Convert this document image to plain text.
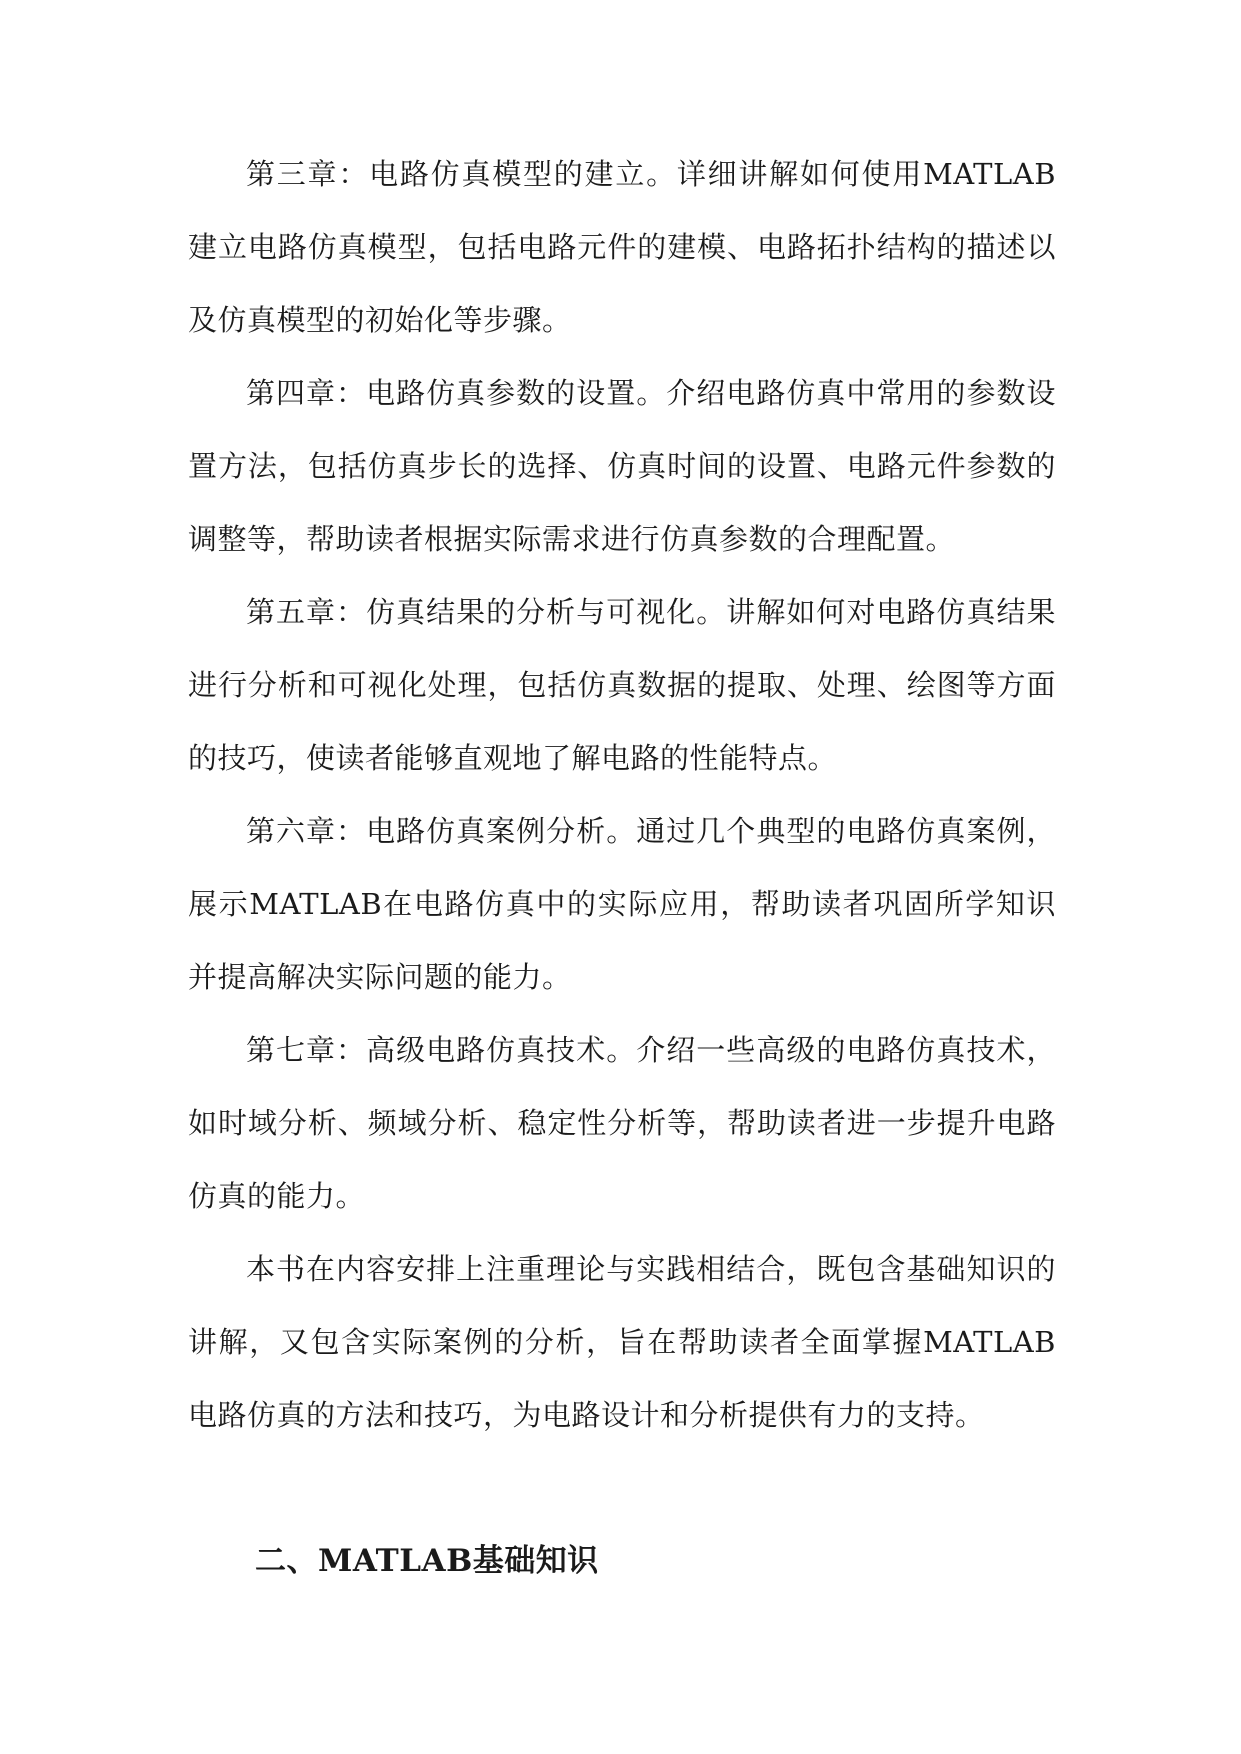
第三章：电路仿真模型的建立。详细讲解如何使用MATLAB建立电路仿真模型，包括电路元件的建模、电路拓扑结构的描述以及仿真模型的初始化等步骤。

第四章：电路仿真参数的设置。介绍电路仿真中常用的参数设置方法，包括仿真步长的选择、仿真时间的设置、电路元件参数的调整等，帮助读者根据实际需求进行仿真参数的合理配置。

第五章：仿真结果的分析与可视化。讲解如何对电路仿真结果进行分析和可视化处理，包括仿真数据的提取、处理、绘图等方面的技巧，使读者能够直观地了解电路的性能特点。

第六章：电路仿真案例分析。通过几个典型的电路仿真案例，展示MATLAB在电路仿真中的实际应用，帮助读者巩固所学知识并提高解决实际问题的能力。

第七章：高级电路仿真技术。介绍一些高级的电路仿真技术，如时域分析、频域分析、稳定性分析等，帮助读者进一步提升电路仿真的能力。

本书在内容安排上注重理论与实践相结合，既包含基础知识的讲解，又包含实际案例的分析，旨在帮助读者全面掌握MATLAB电路仿真的方法和技巧，为电路设计和分析提供有力的支持。

二、MATLAB基础知识
